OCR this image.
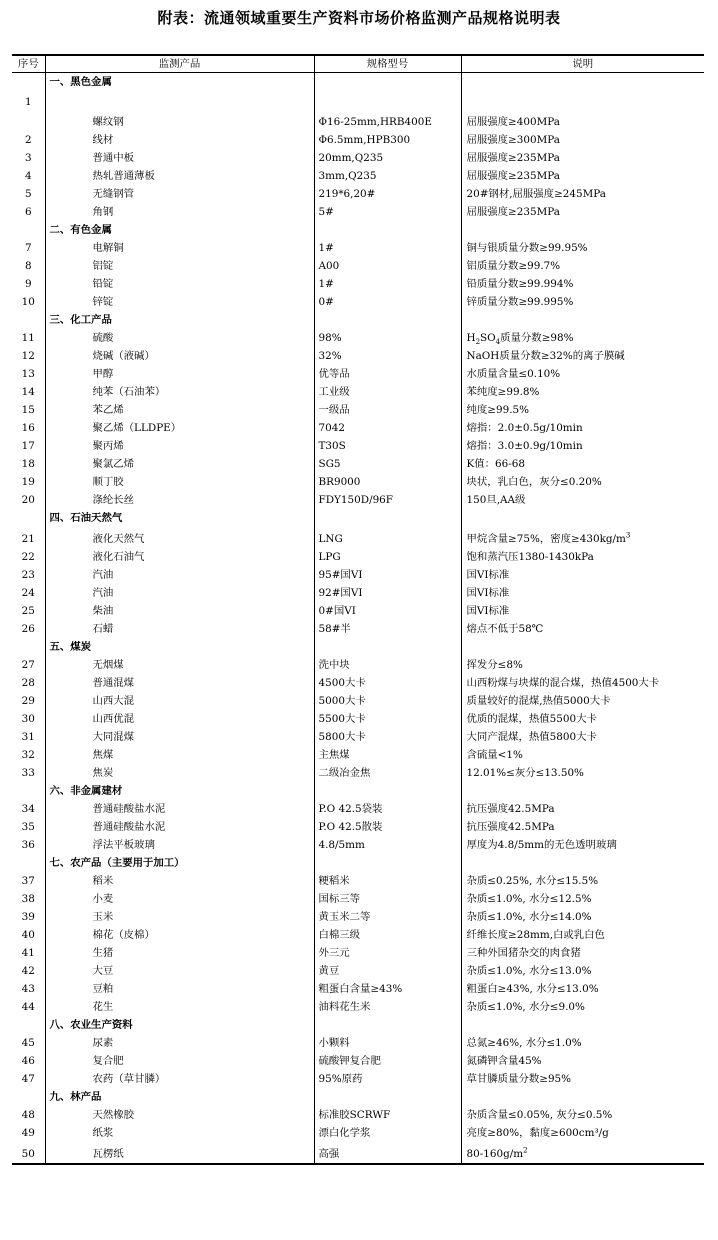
附表：流通领域重要生产资料市场价格监测产品规格说明表
序号	监测产品	规格型号	说明
	一、黑色金属		
1	螺纹钢	Φ16-25mm,HRB400E	屈服强度≥400MPa
2	线材	Φ6.5mm,HPB300	屈服强度≥300MPa
3	普通中板	20mm,Q235	屈服强度≥235MPa
4	热轧普通薄板	3mm,Q235	屈服强度≥235MPa
5	无缝钢管	219*6,20#	20#钢材,屈服强度≥245MPa
6	角钢	5#	屈服强度≥235MPa
	二、有色金属		
7	电解铜	1#	铜与银质量分数≥99.95%
8	铝锭	A00	铝质量分数≥99.7%
9	铅锭	1#	铅质量分数≥99.994%
10	锌锭	0#	锌质量分数≥99.995%
	三、化工产品		
11	硫酸	98%	$H_2SO_4$质量分数≥98%
12	烧碱（液碱）	32%	NaOH质量分数≥32%的离子膜碱
13	甲醇	优等品	水质量含量≤0.10%
14	纯苯（石油苯）	工业级	苯纯度≥99.8%
15	苯乙烯	一级品	纯度≥99.5%
16	聚乙烯（LLDPE）	7042	熔指：2.0±0.5g/10min
17	聚丙烯	T30S	熔指：3.0±0.9g/10min
18	聚氯乙烯	SG5	K值：66-68
19	顺丁胶	BR9000	块状，乳白色，灰分≤0.20%
20	涤纶长丝	FDY150D/96F	150旦,AA级
	四、石油天然气		
21	液化天然气	LNG	甲烷含量≥75%，密度$\ge 430kg/m^3$
22	液化石油气	LPG	饱和蒸汽压1380-1430kPa
23	汽油	95#国VI	国VI标准
24	汽油	92#国VI	国VI标准
25	柴油	0#国VI	国VI标准
26	石蜡	58#半	熔点不低于58℃
	五、煤炭		
27	无烟煤	洗中块	挥发分≤8%
28	普通混煤	4500大卡	山西粉煤与块煤的混合煤，热值4500大卡
29	山西大混	5000大卡	质量较好的混煤,热值5000大卡
30	山西优混	5500大卡	优质的混煤，热值5500大卡
31	大同混煤	5800大卡	大同产混煤，热值5800大卡
32	焦煤	主焦煤	含硫量<1%
33	焦炭	二级冶金焦	12.01%≤灰分≤13.50%
	六、非金属建材		
34	普通硅酸盐水泥	P.O 42.5袋装	抗压强度42.5MPa
35	普通硅酸盐水泥	P.O 42.5散装	抗压强度42.5MPa
36	浮法平板玻璃	4.8/5mm	厚度为4.8/5mm的无色透明玻璃
	七、农产品（主要用于加工）		
37	稻米	粳稻米	杂质≤0.25%, 水分≤15.5%
38	小麦	国标三等	杂质≤1.0%, 水分≤12.5%
39	玉米	黄玉米二等	杂质≤1.0%, 水分≤14.0%
40	棉花（皮棉）	白棉三级	纤维长度≥28mm,白或乳白色
41	生猪	外三元	三种外国猪杂交的肉食猪
42	大豆	黄豆	杂质≤1.0%, 水分≤13.0%
43	豆粕	粗蛋白含量≥43%	粗蛋白≥43%, 水分≤13.0%
44	花生	油料花生米	杂质≤1.0%, 水分≤9.0%
	八、农业生产资料		
45	尿素	小颗料	总氮≥46%, 水分≤1.0%
46	复合肥	硫酸钾复合肥	氮磷钾含量45%
47	农药（草甘膦）	95%原药	草甘膦质量分数≥95%
	九、林产品		
48	天然橡胶	标准胶SCRWF	杂质含量≤0.05%, 灰分≤0.5%
49	纸浆	漂白化学浆	亮度≥80%，黏度≥600cm³/g
50	瓦楞纸	高强	$80-160g/m^2$
